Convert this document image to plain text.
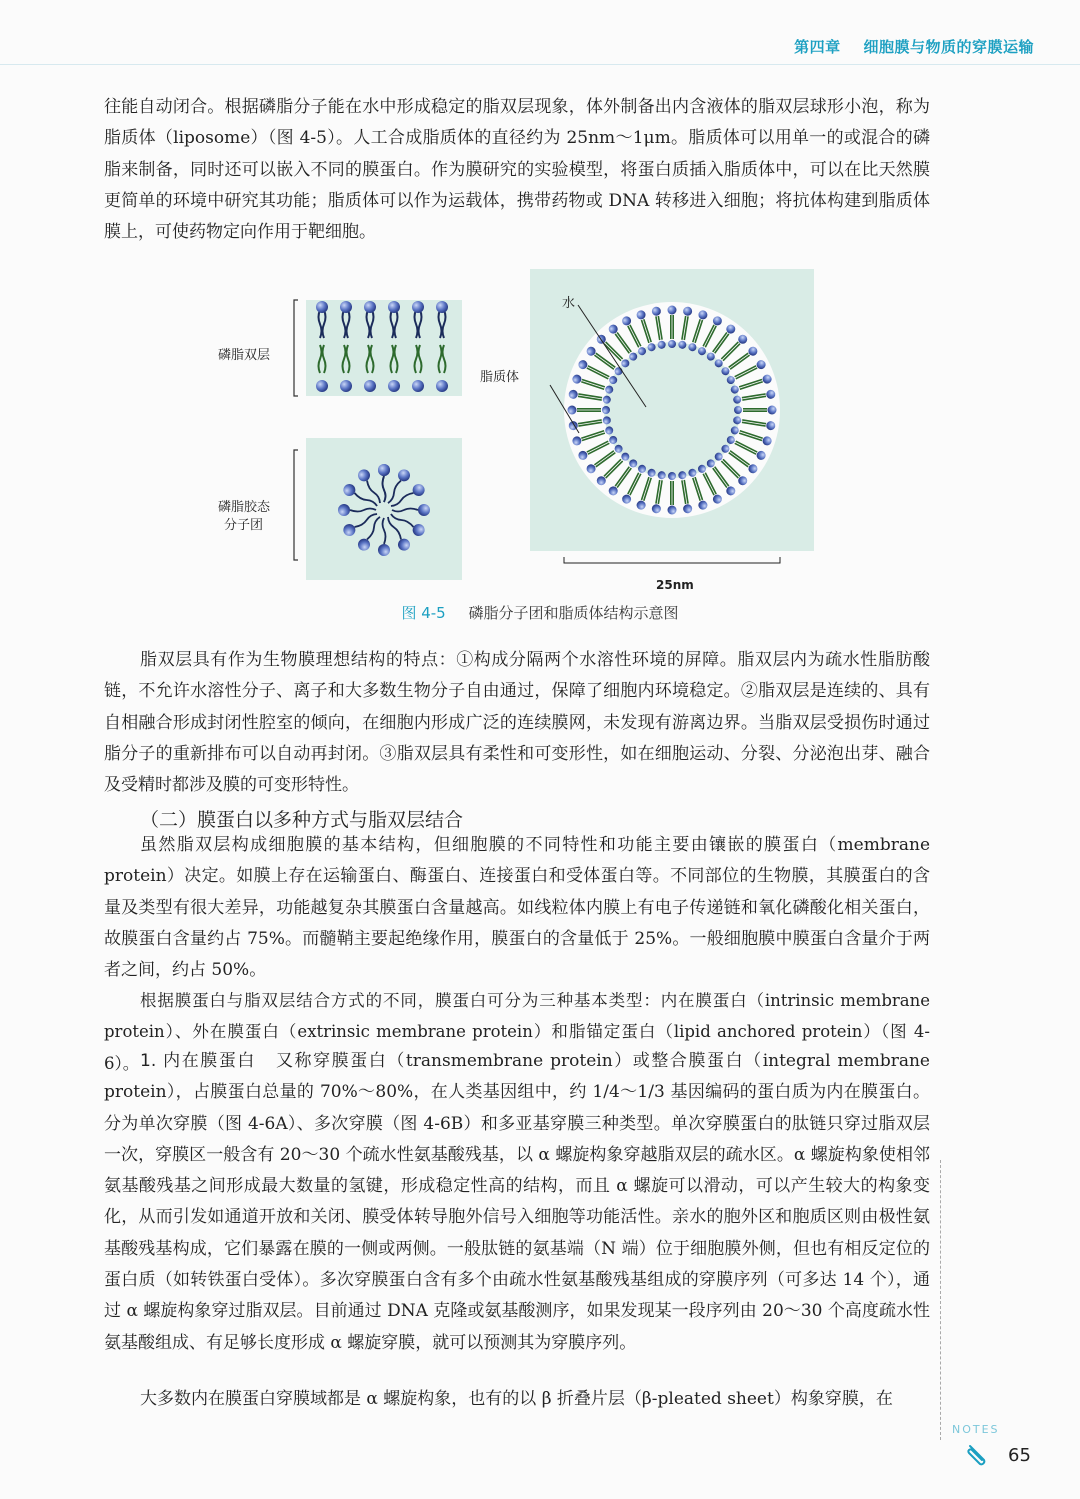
第四章 细胞膜与物质的穿膜运输

往能自动闭合。根据磷脂分子能在水中形成稳定的脂双层现象，体外制备出内含液体的脂双层球形小泡，称为脂质体（liposome）（图 4-5）。人工合成脂质体的直径约为 25nm～1μm。脂质体可以用单一的或混合的磷脂来制备，同时还可以嵌入不同的膜蛋白。作为膜研究的实验模型，将蛋白质插入脂质体中，可以在比天然膜更简单的环境中研究其功能；脂质体可以作为运载体，携带药物或 DNA 转移进入细胞；将抗体构建到脂质体膜上，可使药物定向作用于靶细胞。

磷脂双层
磷脂胶态
分子团
水
脂质体
25nm
图 4-5 磷脂分子团和脂质体结构示意图

脂双层具有作为生物膜理想结构的特点：①构成分隔两个水溶性环境的屏障。脂双层内为疏水性脂肪酸链，不允许水溶性分子、离子和大多数生物分子自由通过，保障了细胞内环境稳定。②脂双层是连续的、具有自相融合形成封闭性腔室的倾向，在细胞内形成广泛的连续膜网，未发现有游离边界。当脂双层受损伤时通过脂分子的重新排布可以自动再封闭。③脂双层具有柔性和可变形性，如在细胞运动、分裂、分泌泡出芽、融合及受精时都涉及膜的可变形特性。

（二）膜蛋白以多种方式与脂双层结合

虽然脂双层构成细胞膜的基本结构，但细胞膜的不同特性和功能主要由镶嵌的膜蛋白（membrane protein）决定。如膜上存在运输蛋白、酶蛋白、连接蛋白和受体蛋白等。不同部位的生物膜，其膜蛋白的含量及类型有很大差异，功能越复杂其膜蛋白含量越高。如线粒体内膜上有电子传递链和氧化磷酸化相关蛋白，故膜蛋白含量约占 75%。而髓鞘主要起绝缘作用，膜蛋白的含量低于 25%。一般细胞膜中膜蛋白含量介于两者之间，约占 50%。

根据膜蛋白与脂双层结合方式的不同，膜蛋白可分为三种基本类型：内在膜蛋白（intrinsic membrane protein）、外在膜蛋白（extrinsic membrane protein）和脂锚定蛋白（lipid anchored protein）（图 4-6）。 1. 内在膜蛋白 又称穿膜蛋白（transmembrane protein）或整合膜蛋白（integral membrane protein），占膜蛋白总量的 70%～80%，在人类基因组中，约 1/4～1/3 基因编码的蛋白质为内在膜蛋白。分为单次穿膜（图 4-6A）、多次穿膜（图 4-6B）和多亚基穿膜三种类型。单次穿膜蛋白的肽链只穿过脂双层一次，穿膜区一般含有 20～30 个疏水性氨基酸残基，以 α 螺旋构象穿越脂双层的疏水区。α 螺旋构象使相邻氨基酸残基之间形成最大数量的氢键，形成稳定性高的结构，而且 α 螺旋可以滑动，可以产生较大的构象变化，从而引发如通道开放和关闭、膜受体转导胞外信号入细胞等功能活性。亲水的胞外区和胞质区则由极性氨基酸残基构成，它们暴露在膜的一侧或两侧。一般肽链的氨基端（N 端）位于细胞膜外侧，但也有相反定位的蛋白质（如转铁蛋白受体）。多次穿膜蛋白含有多个由疏水性氨基酸残基组成的穿膜序列（可多达 14 个），通过 α 螺旋构象穿过脂双层。目前通过 DNA 克隆或氨基酸测序，如果发现某一段序列由 20～30 个高度疏水性氨基酸组成、有足够长度形成 α 螺旋穿膜，就可以预测其为穿膜序列。

大多数内在膜蛋白穿膜域都是 α 螺旋构象，也有的以 β 折叠片层（β-pleated sheet）构象穿膜，在

NOTES
65
